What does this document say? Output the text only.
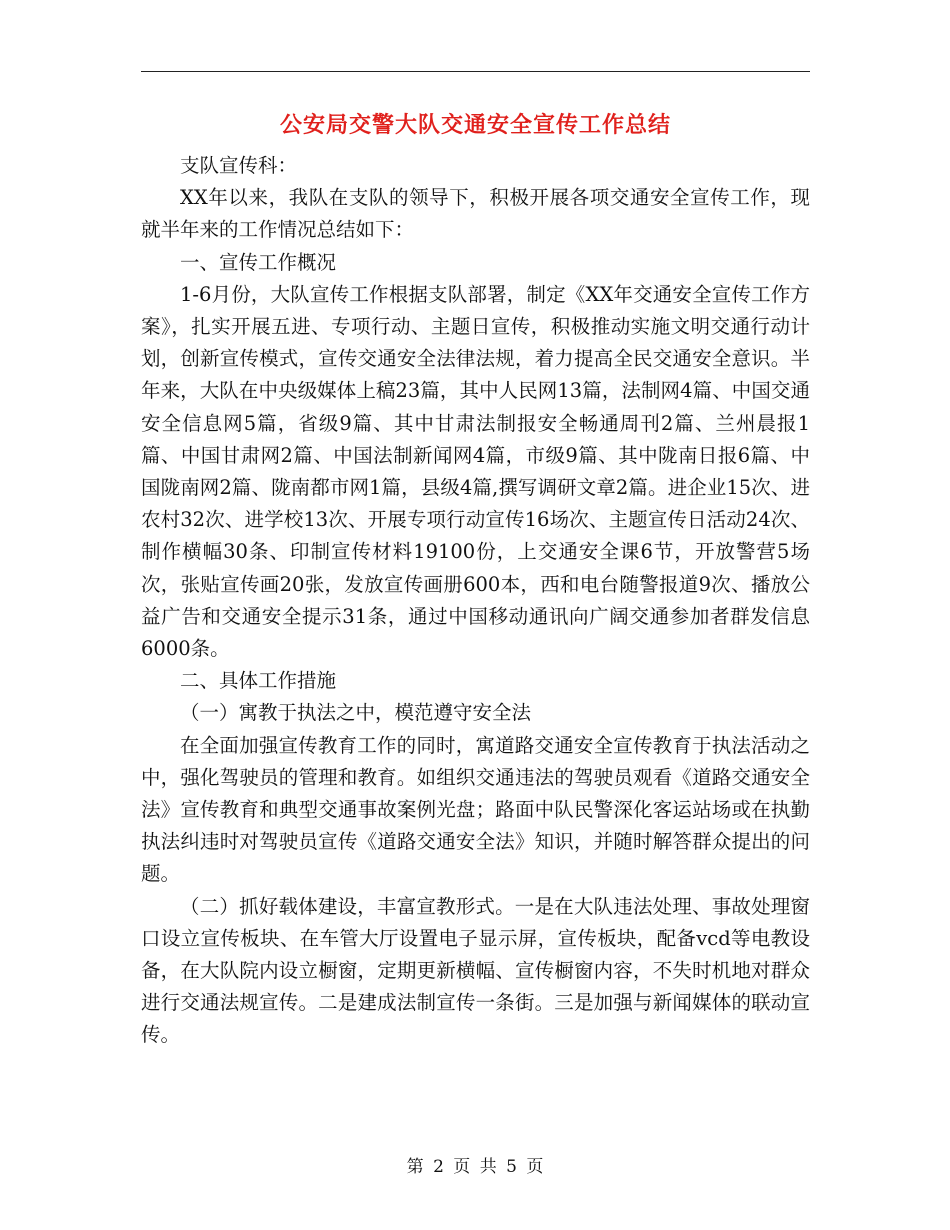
公安局交警大队交通安全宣传工作总结

支队宣传科：

XX年以来，我队在支队的领导下，积极开展各项交通安全宣传工作，现就半年来的工作情况总结如下：

一、宣传工作概况

1-6月份，大队宣传工作根据支队部署，制定《XX年交通安全宣传工作方案》，扎实开展五进、专项行动、主题日宣传，积极推动实施文明交通行动计划，创新宣传模式，宣传交通安全法律法规，着力提高全民交通安全意识。半年来，大队在中央级媒体上稿23篇，其中人民网13篇，法制网4篇、中国交通安全信息网5篇，省级9篇、其中甘肃法制报安全畅通周刊2篇、兰州晨报1篇、中国甘肃网2篇、中国法制新闻网4篇，市级9篇、其中陇南日报6篇、中国陇南网2篇、陇南都市网1篇，县级4篇,撰写调研文章2篇。进企业15次、进农村32次、进学校13次、开展专项行动宣传16场次、主题宣传日活动24次、制作横幅30条、印制宣传材料19100份，上交通安全课6节，开放警营5场次，张贴宣传画20张，发放宣传画册600本，西和电台随警报道9次、播放公益广告和交通安全提示31条，通过中国移动通讯向广阔交通参加者群发信息6000条。

二、具体工作措施

（一）寓教于执法之中，模范遵守安全法

在全面加强宣传教育工作的同时，寓道路交通安全宣传教育于执法活动之中，强化驾驶员的管理和教育。如组织交通违法的驾驶员观看《道路交通安全法》宣传教育和典型交通事故案例光盘；路面中队民警深化客运站场或在执勤执法纠违时对驾驶员宣传《道路交通安全法》知识，并随时解答群众提出的问题。

（二）抓好载体建设，丰富宣教形式。一是在大队违法处理、事故处理窗口设立宣传板块、在车管大厅设置电子显示屏，宣传板块，配备vcd等电教设备，在大队院内设立橱窗，定期更新横幅、宣传橱窗内容，不失时机地对群众进行交通法规宣传。二是建成法制宣传一条街。三是加强与新闻媒体的联动宣传。

第 2 页 共 5 页
